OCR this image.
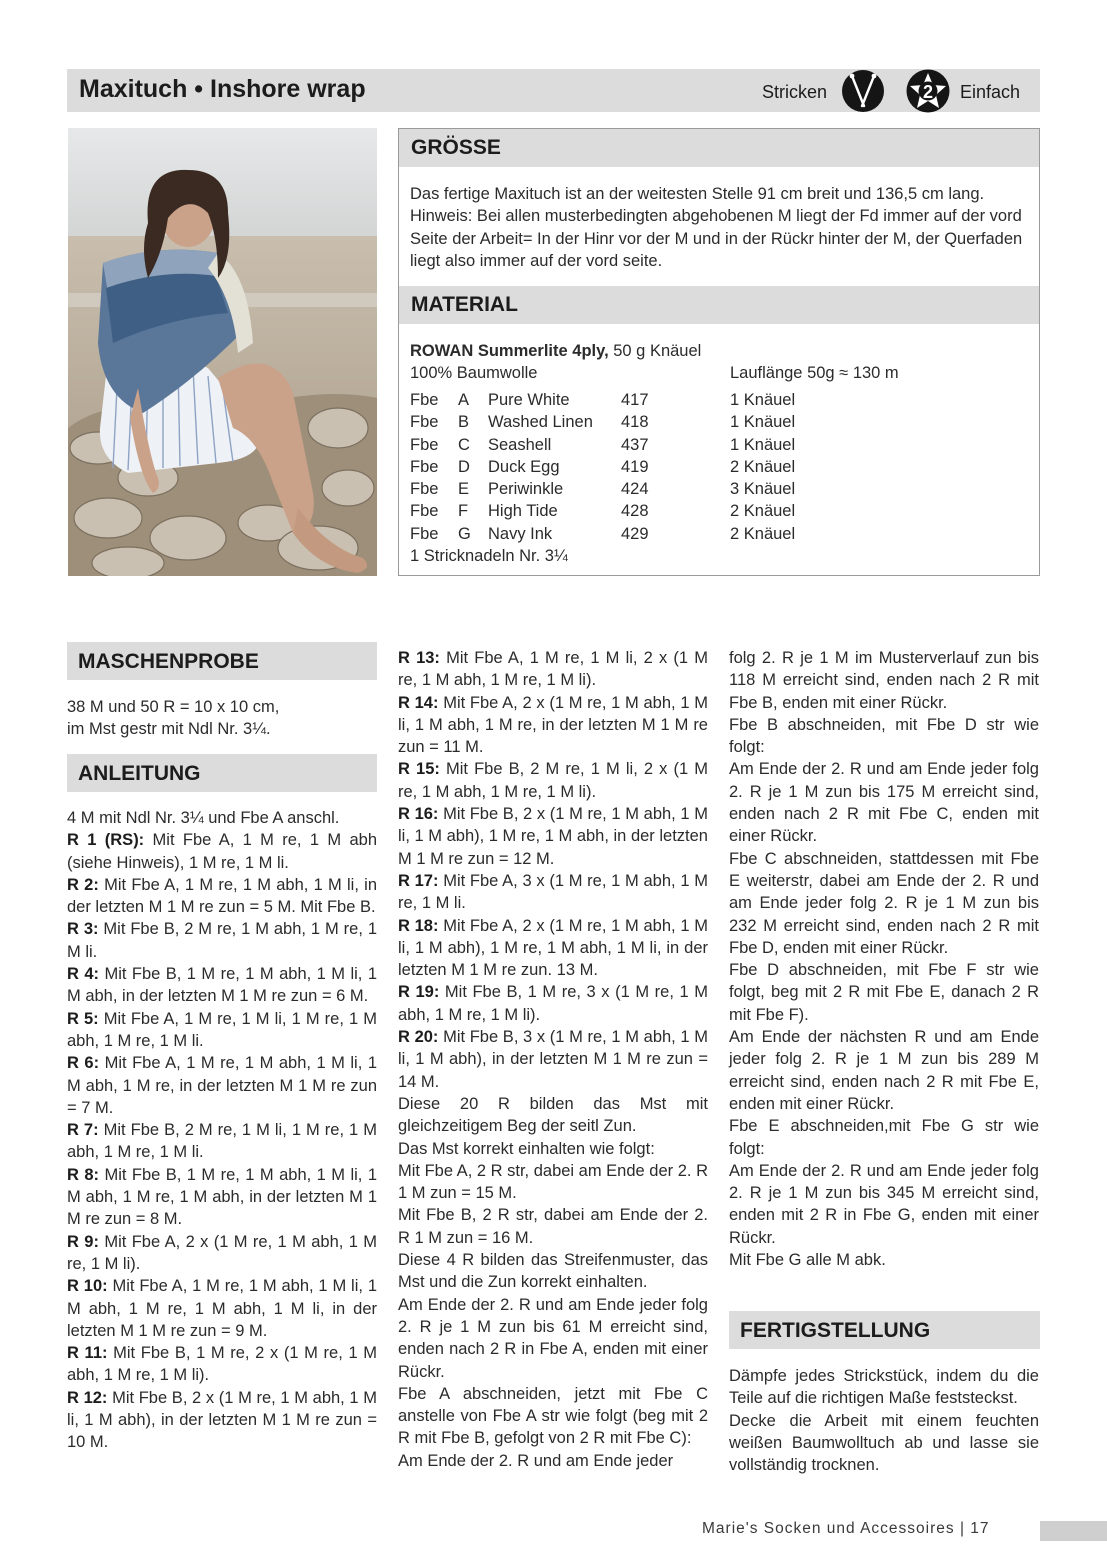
Maxituch • Inshore wrap	Stricken	2 Einfach
GRÖSSE
Das fertige Maxituch ist an der weitesten Stelle 91 cm breit und 136,5 cm lang. Hinweis: Bei allen musterbedingten abgehobenen M liegt der Fd immer auf der vord Seite der Arbeit= In der Hinr vor der M und in der Rückr hinter der M, der Querfaden liegt also immer auf der vord seite.
MATERIAL
ROWAN Summerlite 4ply, 50 g Knäuel
100% Baumwolle	Lauflänge 50g ≈ 130 m
Fbe A Pure White	417	1 Knäuel
Fbe B Washed Linen 418	1 Knäuel
Fbe C Seashell	437	1 Knäuel
Fbe D Duck Egg	419	2 Knäuel
Fbe E Periwinkle	424	3 Knäuel
Fbe F High Tide	428	2 Knäuel
Fbe G Navy Ink	429	2 Knäuel
1 Stricknadeln Nr. 3¼
MASCHENPROBE

38 M und 50 R = 10 x 10 cm,

im Mst gestr mit Ndl Nr. 3¼.

ANLEITUNG

4 M mit Ndl Nr. 3¼ und Fbe A anschl.

R 1 (RS): Mit Fbe A, 1 M re, 1 M abh (siehe Hinweis), 1 M re, 1 M li.

R 2: Mit Fbe A, 1 M re, 1 M abh, 1 M li, in der letzten M 1 M re zun = 5 M. Mit Fbe B.

R 3: Mit Fbe B, 2 M re, 1 M abh, 1 M re, 1 M li.

R 4: Mit Fbe B, 1 M re, 1 M abh, 1 M li, 1 M abh, in der letzten M 1 M re zun = 6 M.

R 5: Mit Fbe A, 1 M re, 1 M li, 1 M re, 1 M abh, 1 M re, 1 M li.

R 6: Mit Fbe A, 1 M re, 1 M abh, 1 M li, 1 M abh, 1 M re, in der letzten M 1 M re zun = 7 M.

R 7: Mit Fbe B, 2 M re, 1 M li, 1 M re, 1 M abh, 1 M re, 1 M li.

R 8: Mit Fbe B, 1 M re, 1 M abh, 1 M li, 1 M abh, 1 M re, 1 M abh, in der letzten M 1 M re zun = 8 M.

R 9: Mit Fbe A, 2 x (1 M re, 1 M abh, 1 M re, 1 M li).

R 10: Mit Fbe A, 1 M re, 1 M abh, 1 M li, 1 M abh, 1 M re, 1 M abh, 1 M li, in der letzten M 1 M re zun = 9 M.

R 11: Mit Fbe B, 1 M re, 2 x (1 M re, 1 M abh, 1 M re, 1 M li).

R 12: Mit Fbe B, 2 x (1 M re, 1 M abh, 1 M li, 1 M abh), in der letzten M 1 M re zun = 10 M.

R 13: Mit Fbe A, 1 M re, 1 M li, 2 x (1 M re, 1 M abh, 1 M re, 1 M li).

R 14: Mit Fbe A, 2 x (1 M re, 1 M abh, 1 M li, 1 M abh, 1 M re, in der letzten M 1 M re zun = 11 M.

R 15: Mit Fbe B, 2 M re, 1 M li, 2 x (1 M re, 1 M abh, 1 M re, 1 M li).

R 16: Mit Fbe B, 2 x (1 M re, 1 M abh, 1 M li, 1 M abh), 1 M re, 1 M abh, in der letzten M 1 M re zun = 12 M.

R 17: Mit Fbe A, 3 x (1 M re, 1 M abh, 1 M re, 1 M li.

R 18: Mit Fbe A, 2 x (1 M re, 1 M abh, 1 M li, 1 M abh), 1 M re, 1 M abh, 1 M li, in der letzten M 1 M re zun. 13 M.

R 19: Mit Fbe B, 1 M re, 3 x (1 M re, 1 M abh, 1 M re, 1 M li).

R 20: Mit Fbe B, 3 x (1 M re, 1 M abh, 1 M li, 1 M abh), in der letzten M 1 M re zun = 14 M.

Diese 20 R bilden das Mst mit gleichzeitigem Beg der seitl Zun.

Das Mst korrekt einhalten wie folgt:

Mit Fbe A, 2 R str, dabei am Ende der 2. R 1 M zun = 15 M.

Mit Fbe B, 2 R str, dabei am Ende der 2. R 1 M zun = 16 M.

Diese 4 R bilden das Streifenmuster, das Mst und die Zun korrekt einhalten.

Am Ende der 2. R und am Ende jeder folg 2. R je 1 M zun bis 61 M erreicht sind, enden nach 2 R in Fbe A, enden mit einer Rückr.

Fbe A abschneiden, jetzt mit Fbe C anstelle von Fbe A str wie folgt (beg mit 2 R mit Fbe B, gefolgt von 2 R mit Fbe C):

Am Ende der 2. R und am Ende jeder

folg 2. R je 1 M im Musterverlauf zun bis 118 M erreicht sind, enden nach 2 R mit Fbe B, enden mit einer Rückr.

Fbe B abschneiden, mit Fbe D str wie folgt:

Am Ende der 2. R und am Ende jeder folg 2. R je 1 M zun bis 175 M erreicht sind, enden nach 2 R mit Fbe C, enden mit einer Rückr.

Fbe C abschneiden, stattdessen mit Fbe E weiterstr, dabei am Ende der 2. R und am Ende jeder folg 2. R je 1 M zun bis 232 M erreicht sind, enden nach 2 R mit Fbe D, enden mit einer Rückr.

Fbe D abschneiden, mit Fbe F str wie folgt, beg mit 2 R mit Fbe E, danach 2 R mit Fbe F).

Am Ende der nächsten R und am Ende jeder folg 2. R je 1 M zun bis 289 M erreicht sind, enden nach 2 R mit Fbe E, enden mit einer Rückr.

Fbe E abschneiden,mit Fbe G str wie folgt:

Am Ende der 2. R und am Ende jeder folg 2. R je 1 M zun bis 345 M erreicht sind, enden mit 2 R in Fbe G, enden mit einer Rückr.

Mit Fbe G alle M abk.

FERTIGSTELLUNG

Dämpfe jedes Strickstück, indem du die Teile auf die richtigen Maße feststeckst.

Decke die Arbeit mit einem feuchten weißen Baumwolltuch ab und lasse sie vollständig trocknen.

Marie's Socken und Accessoires | 17
